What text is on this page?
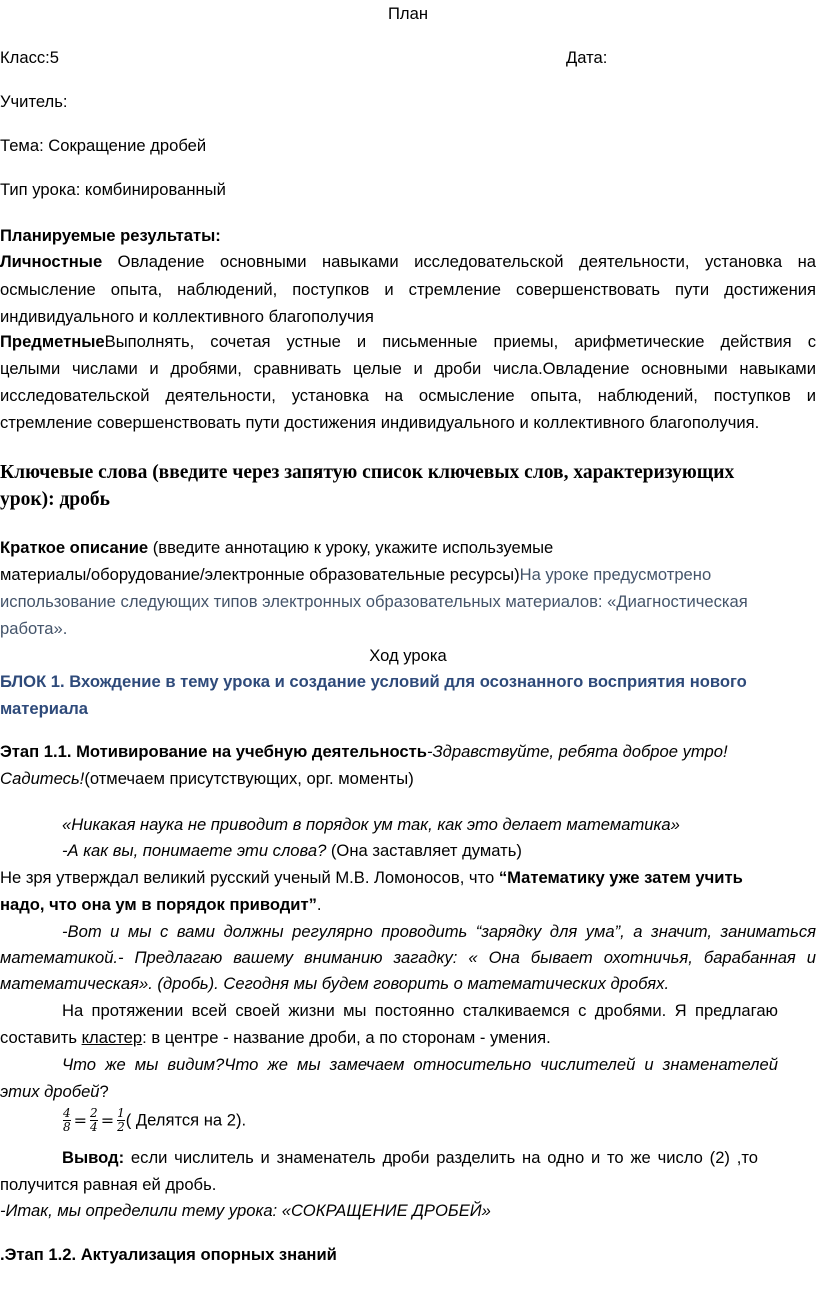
План
Класс:5	Дата:
Учитель:
Тема: Сокращение дробей
Тип урока: комбинированный
Планируемые результаты:
Личностные Овладение основными навыками исследовательской деятельности, установка на
осмысление опыта, наблюдений, поступков и стремление совершенствовать пути достижения
индивидуального и коллективного благополучия
ПредметныеВыполнять, сочетая устные и письменные приемы, арифметические действия с
целыми числами и дробями, сравнивать целые и дроби числа.Овладение основными навыками
исследовательской деятельности, установка на осмысление опыта, наблюдений, поступков и
стремление совершенствовать пути достижения индивидуального и коллективного благополучия.
Ключевые слова (введите через запятую список ключевых слов, характеризующих
урок): дробь
Краткое описание (введите аннотацию к уроку, укажите используемые
материалы/оборудование/электронные образовательные ресурсы)На уроке предусмотрено
использование следующих типов электронных образовательных материалов: «Диагностическая
работа».
Ход урока
БЛОК 1. Вхождение в тему урока и создание условий для осознанного восприятия нового
материала
Этап 1.1. Мотивирование на учебную деятельность-Здравствуйте, ребята доброе утро!
Садитесь!(отмечаем присутствующих, орг. моменты)
«Никакая наука не приводит в порядок ум так, как это делает математика»
-А как вы, понимаете эти слова? (Она заставляет думать)
Не зря утверждал великий русский ученый М.В. Ломоносов, что “Математику уже затем учить
надо, что она ум в порядок приводит”.
-Вот и мы с вами должны регулярно проводить “зарядку для ума”, а значит, заниматься
математикой.- Предлагаю вашему вниманию загадку: « Она бывает охотничья, барабанная и
математическая». (дробь). Сегодня мы будем говорить о математических дробях.
На протяжении всей своей жизни мы постоянно сталкиваемся с дробями. Я предлагаю
составить кластер: в центре - название дроби, а по сторонам - умения.
Что же мы видим?Что же мы замечаем относительно числителей и знаменателей
этих дробей?
$\frac{4}{8} = \frac{2}{4} = \frac{1}{2}$ ( Делятся на 2).
Вывод: если числитель и знаменатель дроби разделить на одно и то же число (2) ,то
получится равная ей дробь.
-Итак, мы определили тему урока: «СОКРАЩЕНИЕ ДРОБЕЙ»
.Этап 1.2. Актуализация опорных знаний
